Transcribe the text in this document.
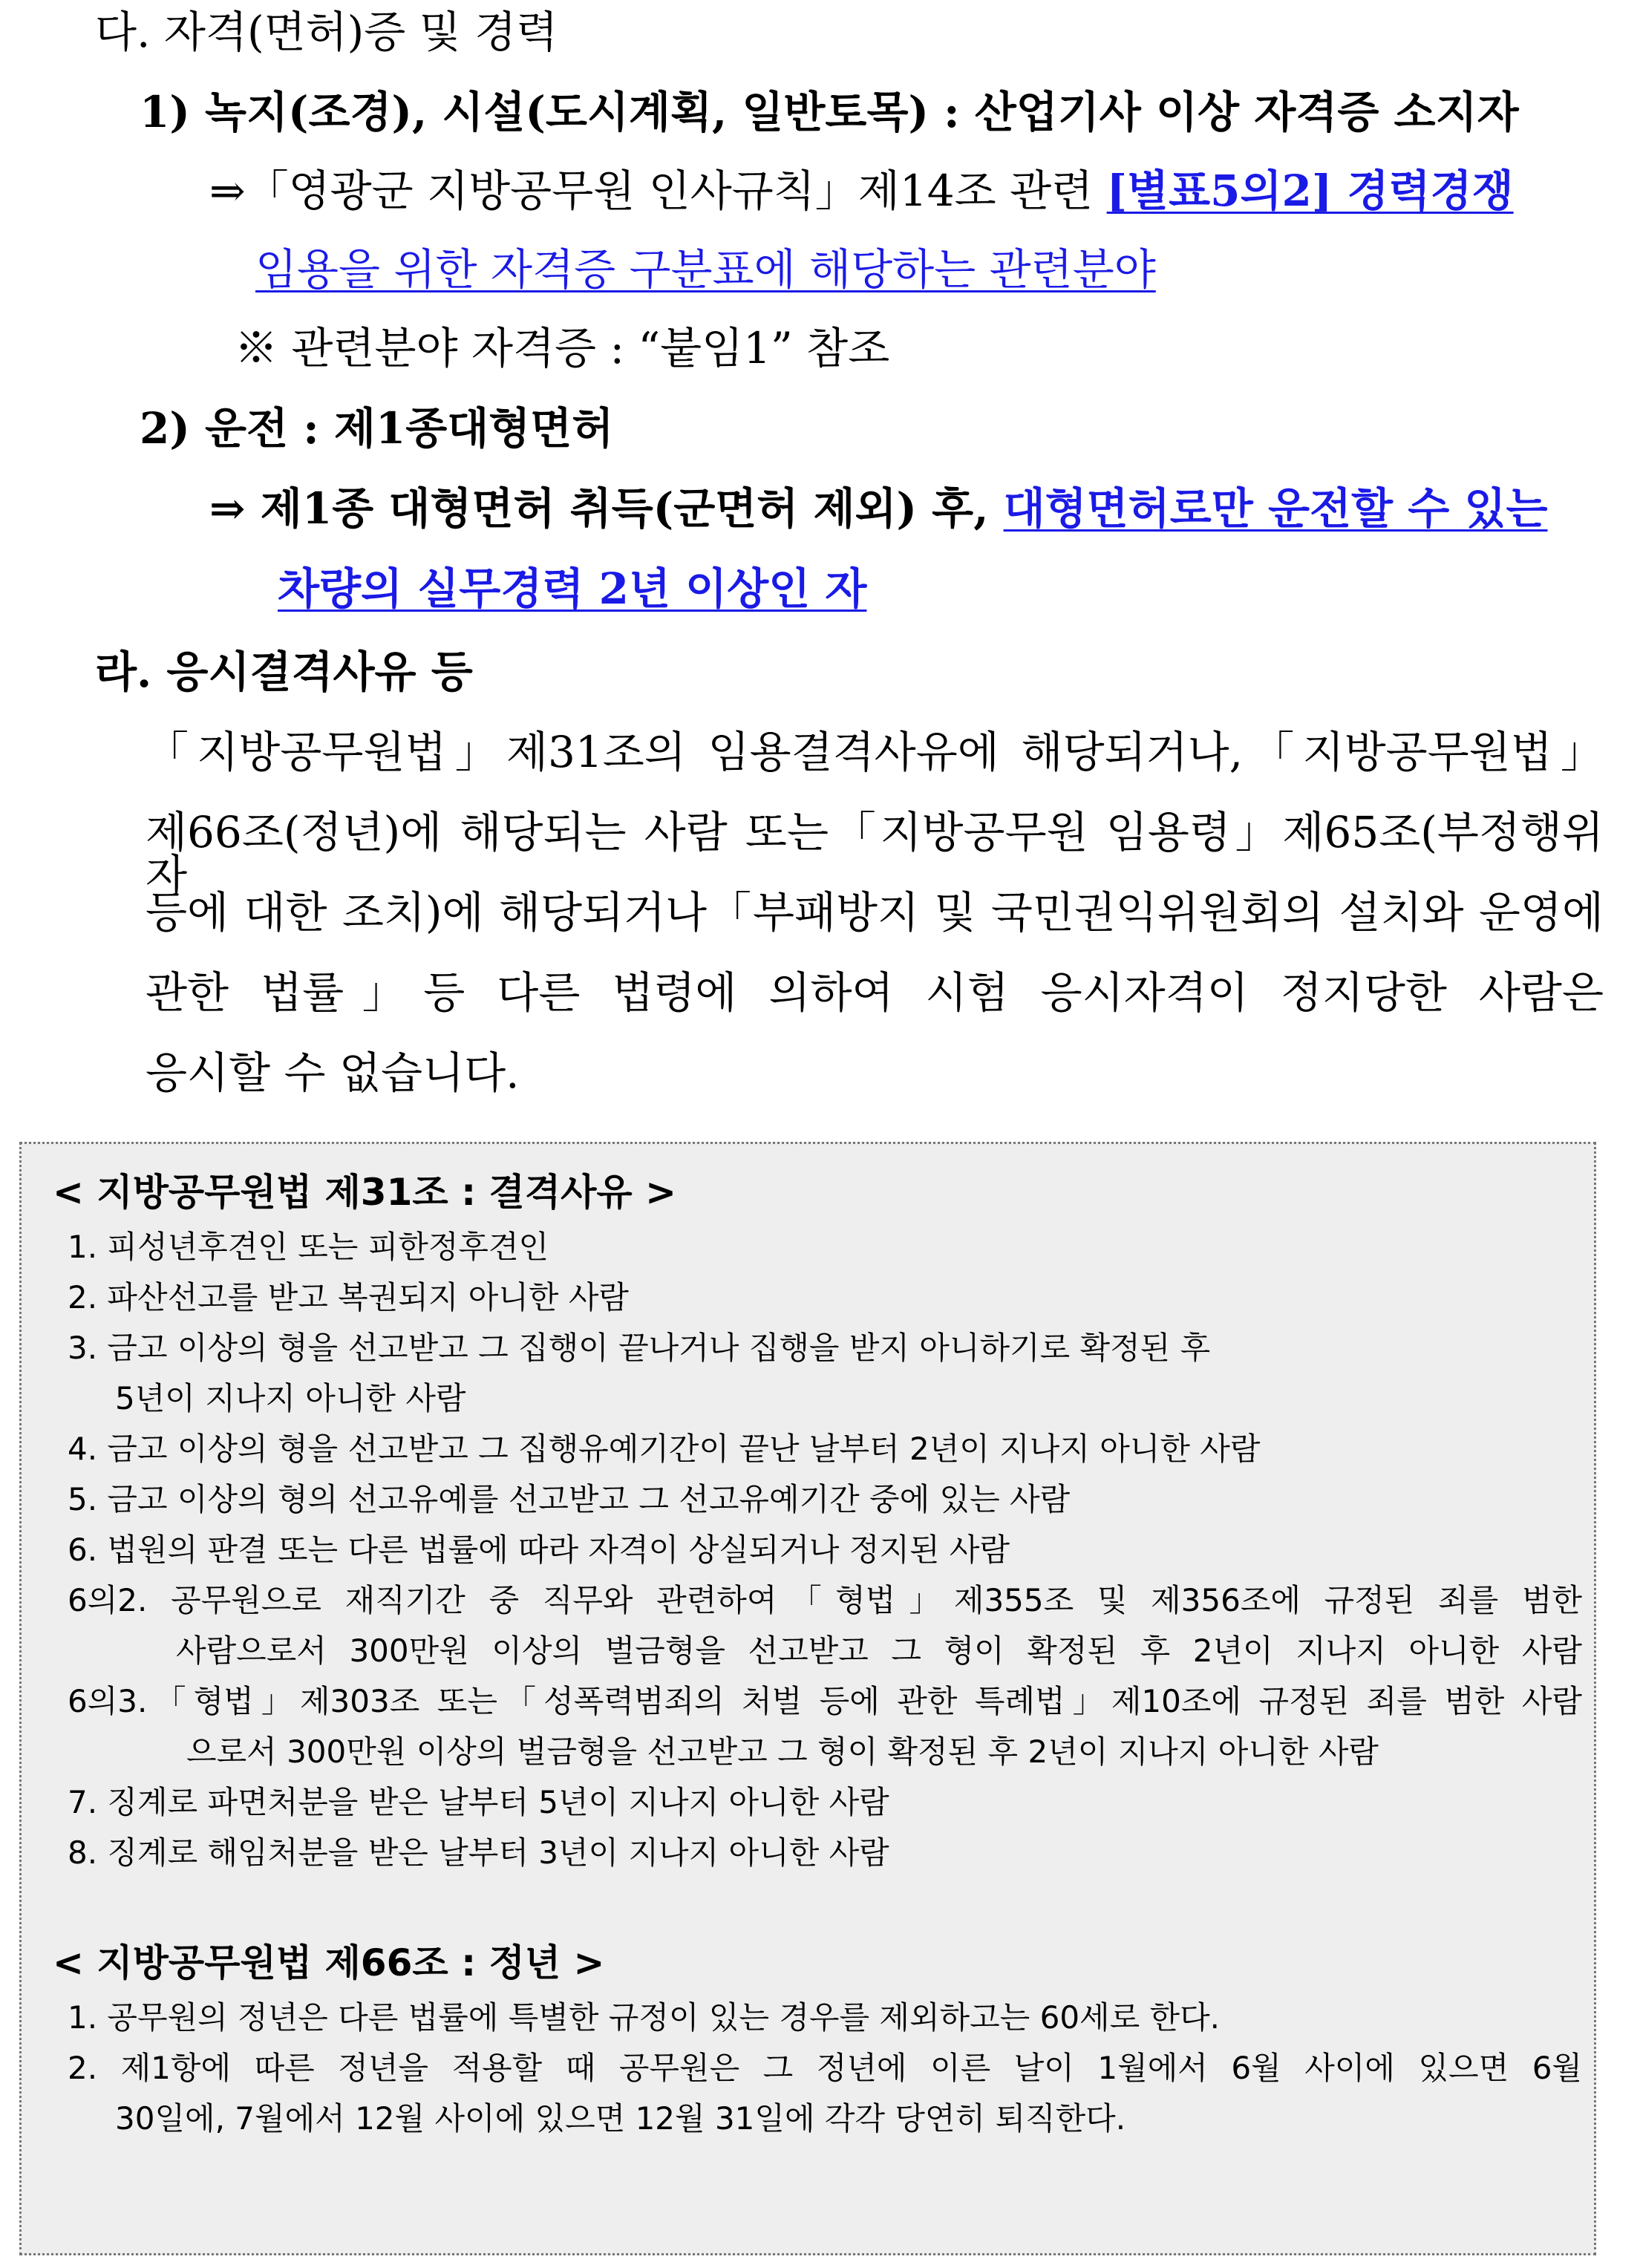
다. 자격(면허)증 및 경력
1) 녹지(조경), 시설(도시계획, 일반토목) : 산업기사 이상 자격증 소지자
⇒「영광군 지방공무원 인사규칙」제14조 관련 [별표5의2] 경력경쟁
임용을 위한 자격증 구분표에 해당하는 관련분야
※ 관련분야 자격증 : “붙임1” 참조
2) 운전 : 제1종대형면허
⇒ 제1종 대형면허 취득(군면허 제외) 후, 대형면허로만 운전할 수 있는
차량의 실무경력 2년 이상인 자
라. 응시결격사유 등
「지방공무원법」제31조의 임용결격사유에 해당되거나,「지방공무원법」
제66조(정년)에 해당되는 사람 또는「지방공무원 임용령」제65조(부정행위자
등에 대한 조치)에 해당되거나「부패방지 및 국민권익위원회의 설치와 운영에
관한 법률」등 다른 법령에 의하여 시험 응시자격이 정지당한 사람은
응시할 수 없습니다.
< 지방공무원법 제31조 : 결격사유 >
1. 피성년후견인 또는 피한정후견인
2. 파산선고를 받고 복권되지 아니한 사람
3. 금고 이상의 형을 선고받고 그 집행이 끝나거나 집행을 받지 아니하기로 확정된 후
5년이 지나지 아니한 사람
4. 금고 이상의 형을 선고받고 그 집행유예기간이 끝난 날부터 2년이 지나지 아니한 사람
5. 금고 이상의 형의 선고유예를 선고받고 그 선고유예기간 중에 있는 사람
6. 법원의 판결 또는 다른 법률에 따라 자격이 상실되거나 정지된 사람
6의2. 공무원으로 재직기간 중 직무와 관련하여「형법」제355조 및 제356조에 규정된 죄를 범한
사람으로서 300만원 이상의 벌금형을 선고받고 그 형이 확정된 후 2년이 지나지 아니한 사람
6의3.「형법」제303조 또는「성폭력범죄의 처벌 등에 관한 특례법」제10조에 규정된 죄를 범한 사람
으로서 300만원 이상의 벌금형을 선고받고 그 형이 확정된 후 2년이 지나지 아니한 사람
7. 징계로 파면처분을 받은 날부터 5년이 지나지 아니한 사람
8. 징계로 해임처분을 받은 날부터 3년이 지나지 아니한 사람
< 지방공무원법 제66조 : 정년 >
1. 공무원의 정년은 다른 법률에 특별한 규정이 있는 경우를 제외하고는 60세로 한다.
2. 제1항에 따른 정년을 적용할 때 공무원은 그 정년에 이른 날이 1월에서 6월 사이에 있으면 6월
30일에, 7월에서 12월 사이에 있으면 12월 31일에 각각 당연히 퇴직한다.
